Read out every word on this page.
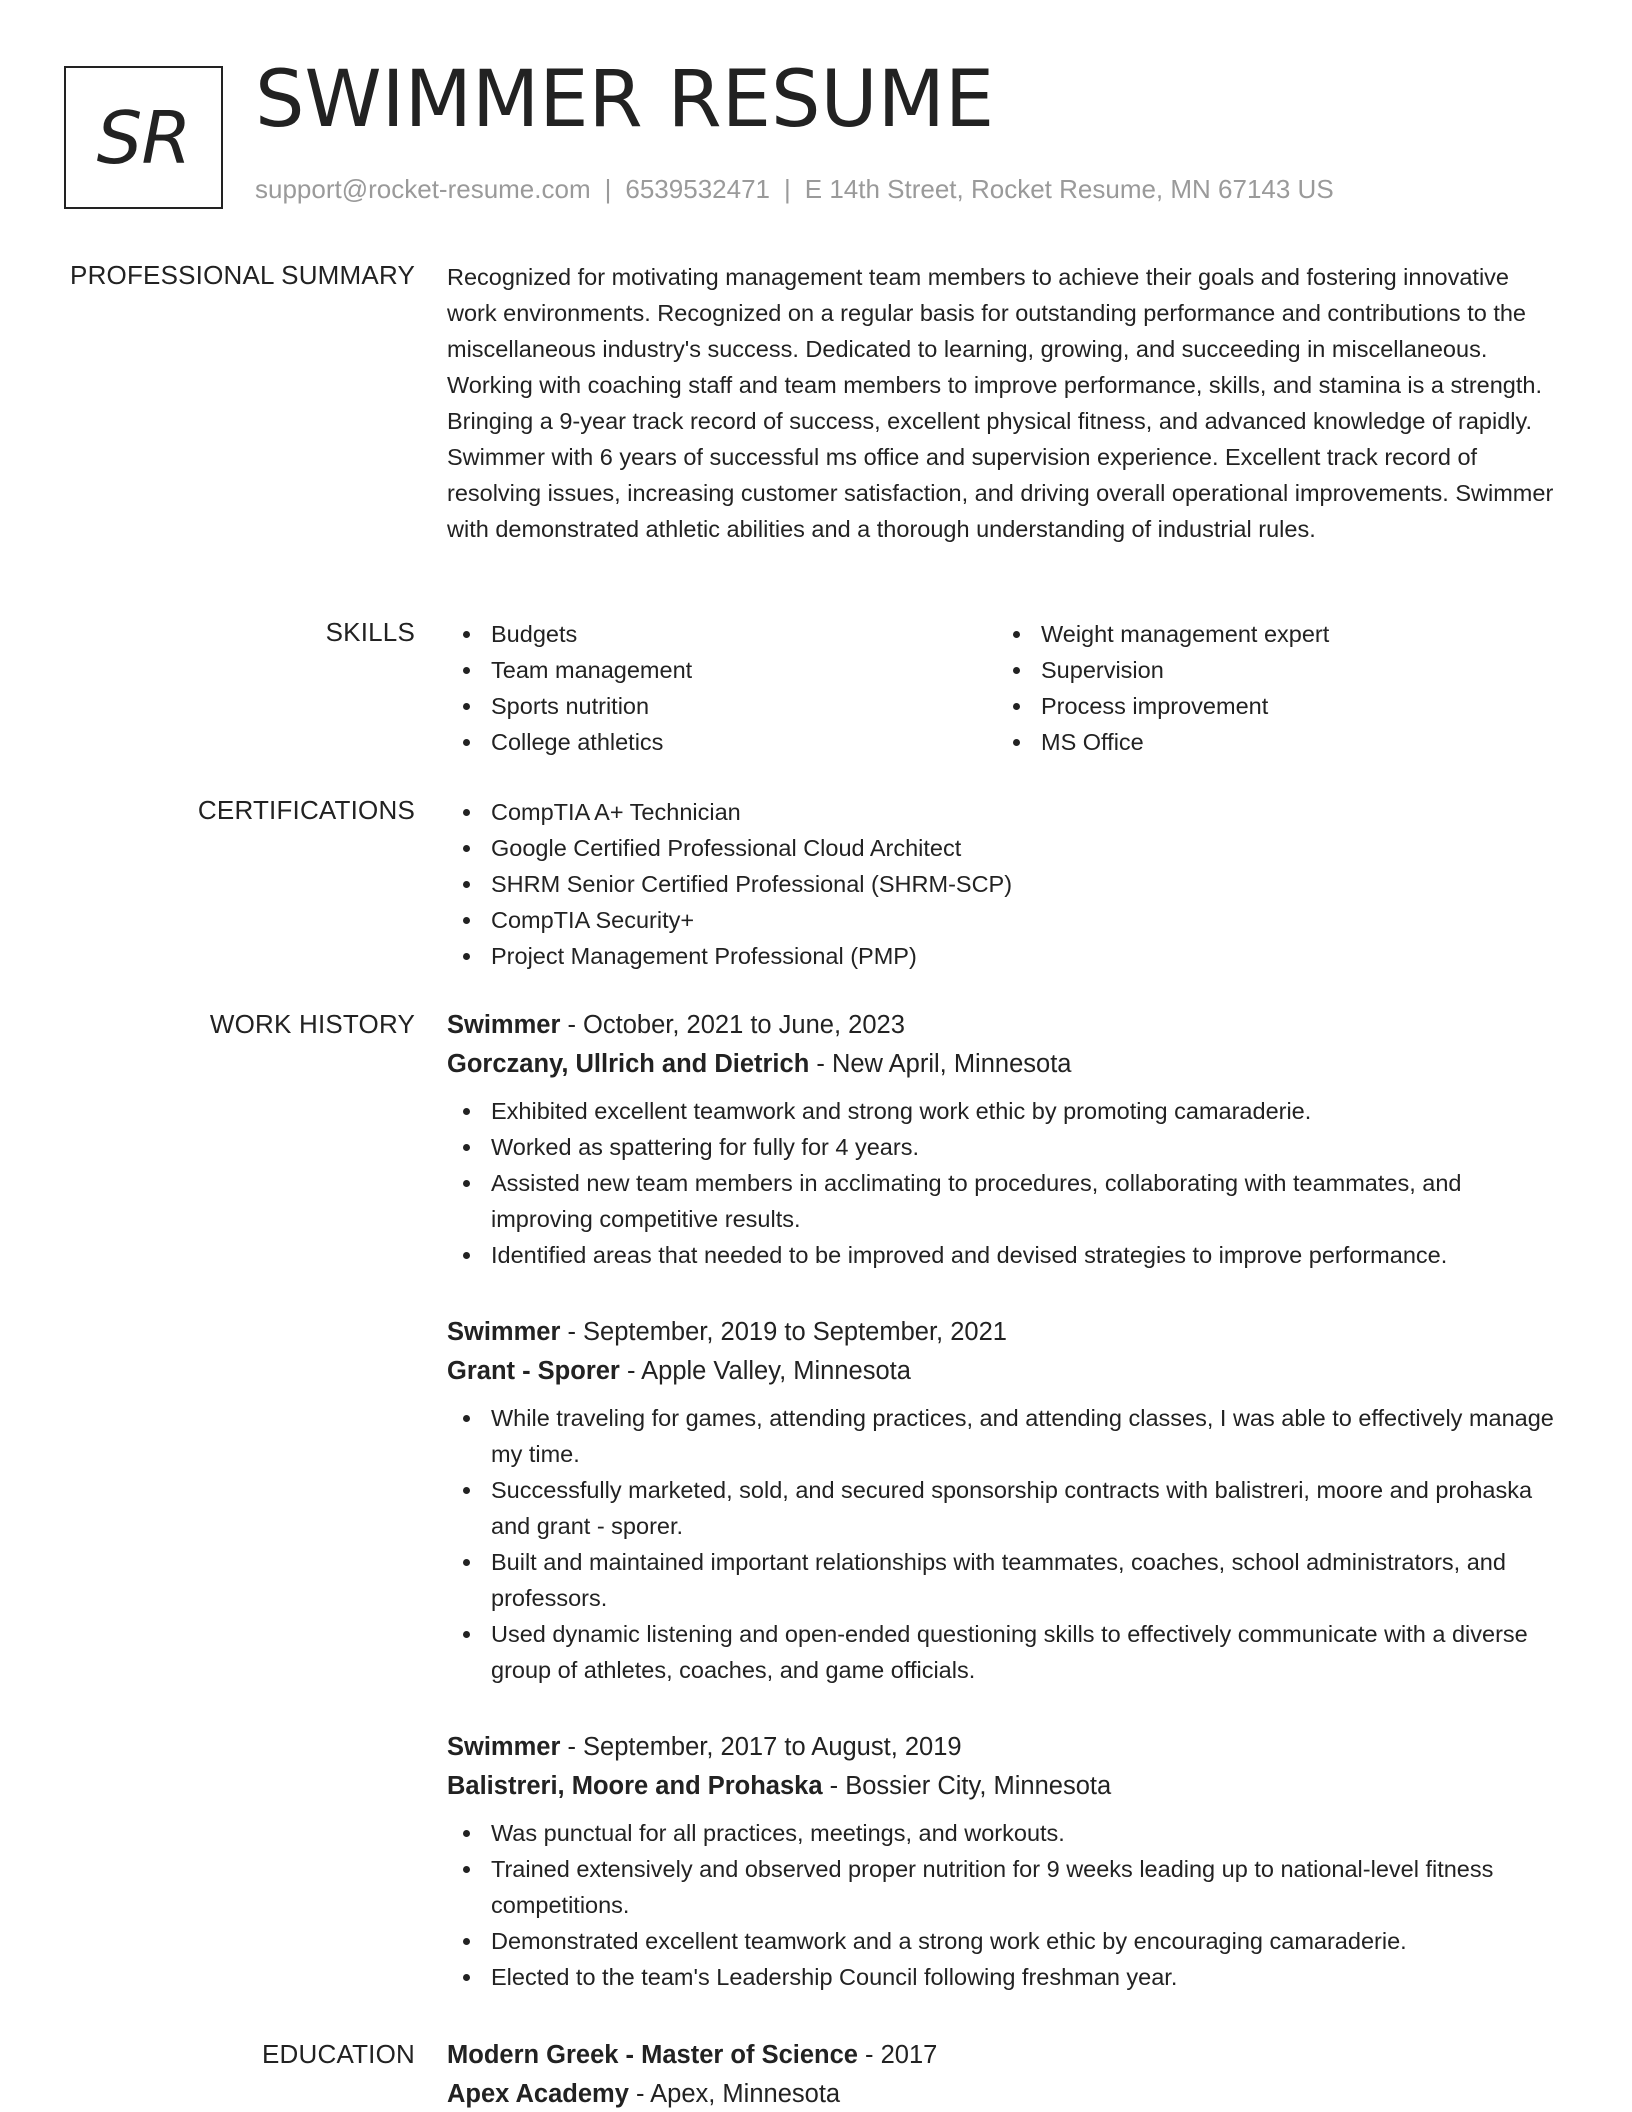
SR SWIMMER RESUME
support@rocket-resume.com | 6539532471 | E 14th Street, Rocket Resume, MN 67143 US
PROFESSIONAL SUMMARY Recognized for motivating management team members to achieve their goals and fostering innovative work environments. Recognized on a regular basis for outstanding performance and contributions to the miscellaneous industry's success. Dedicated to learning, growing, and succeeding in miscellaneous. Working with coaching staff and team members to improve performance, skills, and stamina is a strength. Bringing a 9-year track record of success, excellent physical fitness, and advanced knowledge of rapidly. Swimmer with 6 years of successful ms office and supervision experience. Excellent track record of resolving issues, increasing customer satisfaction, and driving overall operational improvements. Swimmer with demonstrated athletic abilities and a thorough understanding of industrial rules.

SKILLS	Budgets
Team management
Sports nutrition
College athletics
Weight management expert
Supervision
Process improvement
MS Office
CERTIFICATIONS	CompTIA A+ Technician
Google Certified Professional Cloud Architect
SHRM Senior Certified Professional (SHRM-SCP)
CompTIA Security+
Project Management Professional (PMP)
WORK HISTORY Swimmer - October, 2021 to June, 2023
Gorczany, Ullrich and Dietrich - New April, Minnesota
Exhibited excellent teamwork and strong work ethic by promoting camaraderie.
Worked as spattering for fully for 4 years.
Assisted new team members in acclimating to procedures, collaborating with teammates, and improving competitive results.
Identified areas that needed to be improved and devised strategies to improve performance.
Swimmer - September, 2019 to September, 2021
Grant - Sporer - Apple Valley, Minnesota
While traveling for games, attending practices, and attending classes, I was able to effectively manage my time.
Successfully marketed, sold, and secured sponsorship contracts with balistreri, moore and prohaska and grant - sporer.
Built and maintained important relationships with teammates, coaches, school administrators, and professors.
Used dynamic listening and open-ended questioning skills to effectively communicate with a diverse group of athletes, coaches, and game officials.
Swimmer - September, 2017 to August, 2019
Balistreri, Moore and Prohaska - Bossier City, Minnesota
Was punctual for all practices, meetings, and workouts.
Trained extensively and observed proper nutrition for 9 weeks leading up to national-level fitness competitions.
Demonstrated excellent teamwork and a strong work ethic by encouraging camaraderie.
Elected to the team's Leadership Council following freshman year.
EDUCATION Modern Greek - Master of Science - 2017
Apex Academy - Apex, Minnesota
